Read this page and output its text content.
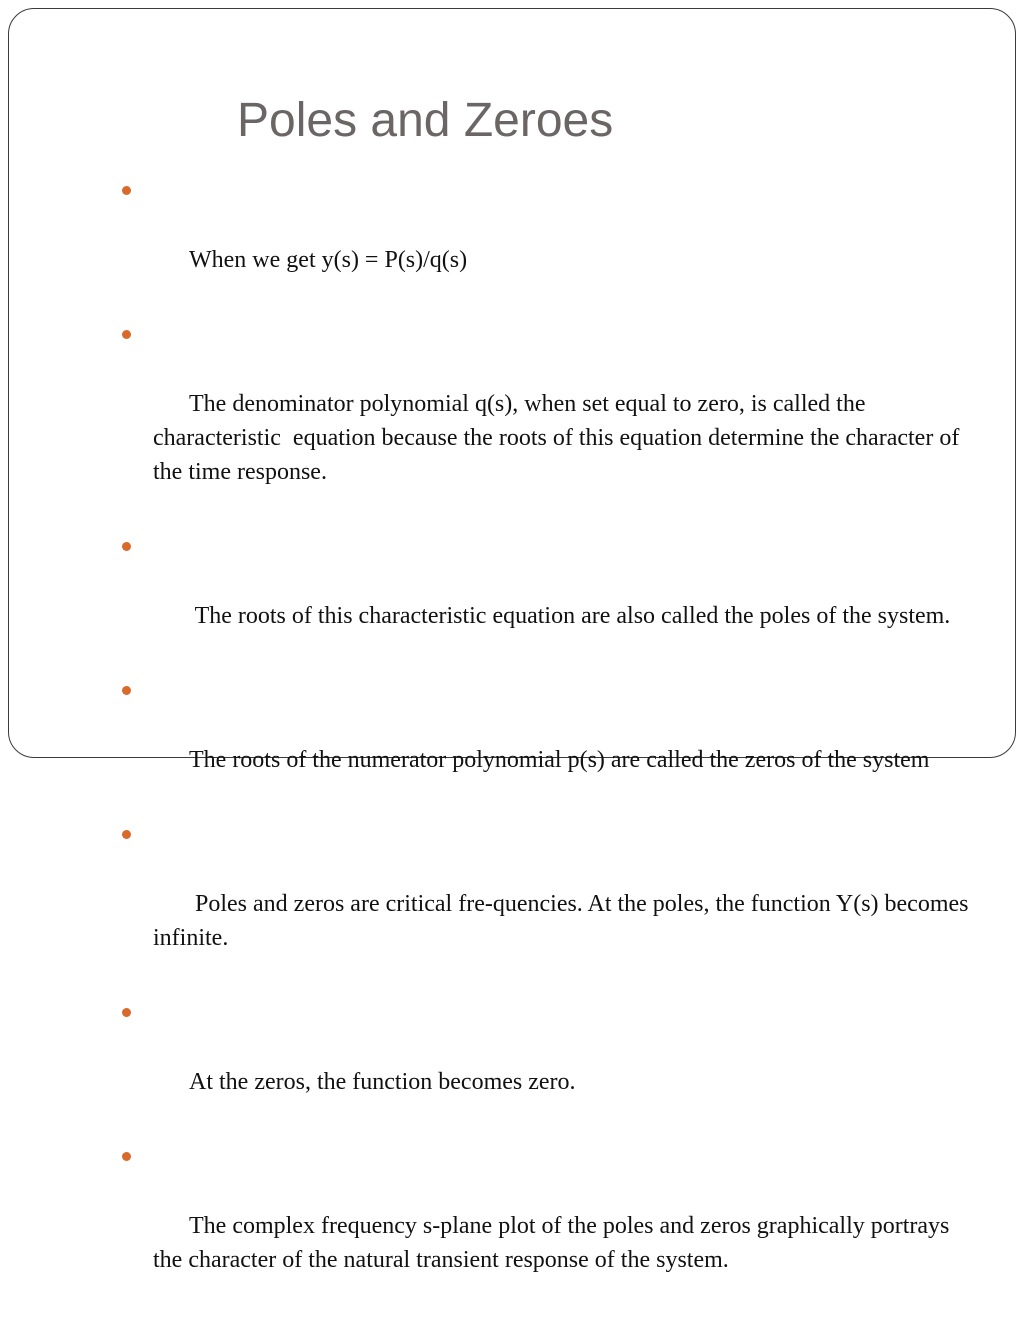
Poles and Zeroes

When we get y(s) = P(s)/q(s)

The denominator polynomial q(s), when set equal to zero, is called the characteristic  equation because the roots of this equation determine the character of the time response.

The roots of this characteristic equation are also called the poles of the system.

The roots of the numerator polynomial p(s) are called the zeros of the system

Poles and zeros are critical fre-quencies. At the poles, the function Y(s) becomes infinite.

At the zeros, the function becomes zero.

The complex frequency s-plane plot of the poles and zeros graphically portrays the character of the natural transient response of the system.
